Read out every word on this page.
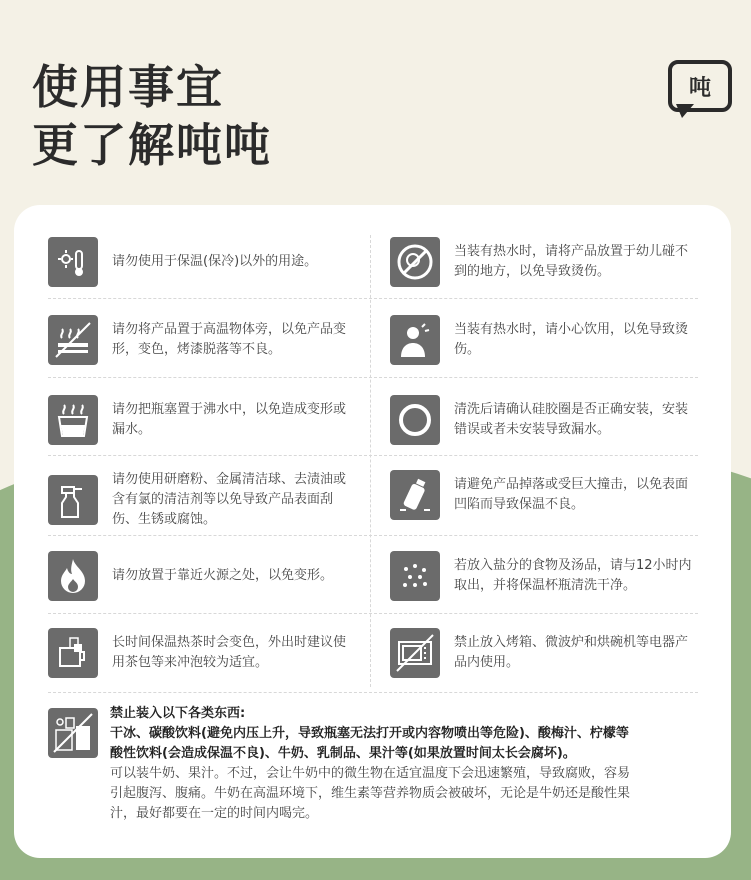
使用事宜
更了解吨吨
吨
请勿使用于保温(保冷)以外的用途。
当装有热水时，请将产品放置于幼儿碰不到的地方，以免导致烫伤。
请勿将产品置于高温物体旁，以免产品变形，变色，烤漆脱落等不良。
当装有热水时，请小心饮用，以免导致烫伤。
请勿把瓶塞置于沸水中，以免造成变形或漏水。
清洗后请确认硅胶圈是否正确安装，安装错误或者未安装导致漏水。
请勿使用研磨粉、金属清洁球、去渍油或含有氯的清洁剂等以免导致产品表面刮伤、生锈或腐蚀。
请避免产品掉落或受巨大撞击，以免表面凹陷而导致保温不良。
请勿放置于靠近火源之处，以免变形。
若放入盐分的食物及汤品，请与12小时内取出，并将保温杯瓶清洗干净。
长时间保温热茶时会变色，外出时建议使用茶包等来冲泡较为适宜。
禁止放入烤箱、微波炉和烘碗机等电器产品内使用。
禁止装入以下各类东西:
干冰、碳酸饮料(避免内压上升，导致瓶塞无法打开或内容物喷出等危险)、酸梅汁、柠檬等
酸性饮料(会造成保温不良)、牛奶、乳制品、果汁等(如果放置时间太长会腐坏)。
可以装牛奶、果汁。不过，会让牛奶中的微生物在适宜温度下会迅速繁殖，导致腐败，容易
引起腹泻、腹痛。牛奶在高温环境下，维生素等营养物质会被破坏，无论是牛奶还是酸性果
汁，最好都要在一定的时间内喝完。
